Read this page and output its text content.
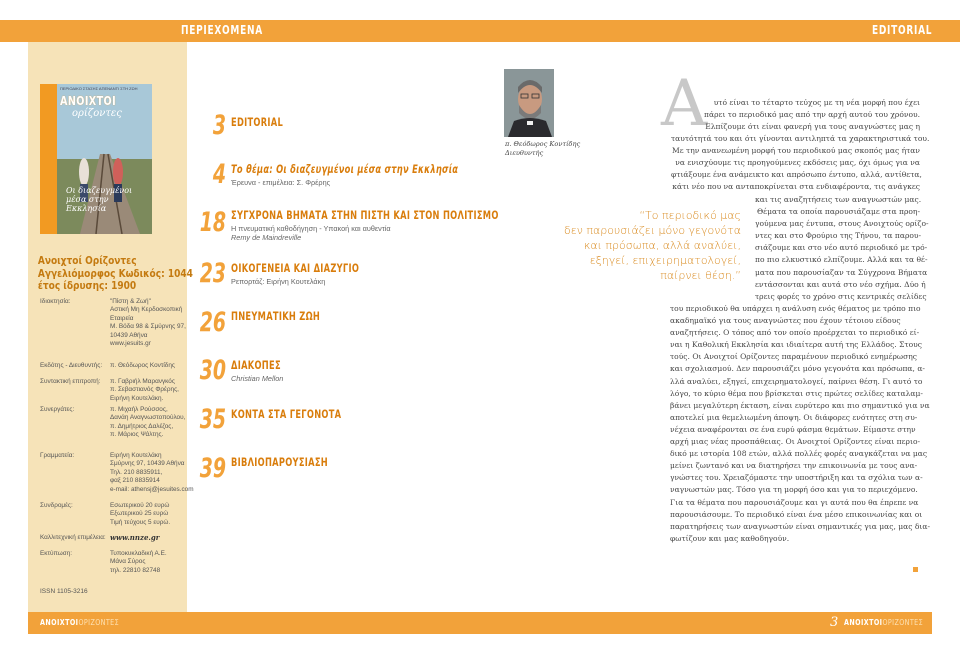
ΠΕΡΙΕΧΟΜΕΝΑ	EDITORIAL
ΠΕΡΙΟΔΙΚΟ ΣΤΑΣΗΣ ΑΠΕΝΑΝΤΙ ΣΤΗ ΖΩΗ
ΑΝΟΙΧΤΟΙ
ορίζοντες
Οι διαζευγμένοι μέσα στην Εκκλησία
Ανοιχτοί Ορίζοντες
Αγγελιόμορφος Κωδικός: 1044
έτος ίδρυσης: 1900
Ιδιοκτησία:	"Πίστη & Ζωή"
Αστική Μη Κερδοσκοπική
Εταιρεία
Μ. Βόδα 98 & Σμύρνης 97,
10439 Αθήνα
www.jesuits.gr
Εκδότης - Διευθυντής: π. Θεόδωρος Κοντίδης
Συντακτική επιτροπή: π. Γαβριήλ Μαρανγκός
π. Σεβαστιανός Φρέρης,
Ειρήνη Κουτελάκη.
Συνεργάτες:	π. Μιχαήλ Ρούσσος,
Δανάη Αναγνωστοπούλου,
π. Δημήτριος Δαλέζος,
π. Μάριος Ψάλτης.
Γραμματεία:	Ειρήνη Κουτελάκη
Σμύρνης 97, 10439 Αθήνα
Τηλ. 210 8835911,
φαξ 210 8835914
e-mail: athensj@jesuites.com
Συνδρομές:	Εσωτερικού 20 ευρώ
Εξωτερικού 25 ευρώ
Τιμή τεύχους 5 ευρώ.
Καλλιτεχνική επιμέλεια: www.nnze.gr
Εκτύπωση:	Τυποκυκλαδική Α.Ε.
Μάνα Σύρος
τηλ. 22810 82748
ISSN 1105-3216
3 EDITORIAL
4 Το θέμα: Οι διαζευγμένοι μέσα στην Εκκλησία
Έρευνα - επιμέλεια: Σ. Φρέρης
18 ΣΥΓΧΡΟΝΑ ΒΗΜΑΤΑ ΣΤΗΝ ΠΙΣΤΗ ΚΑΙ ΣΤΟΝ ΠΟΛΙΤΙΣΜΟ
Η πνευματική καθοδήγηση - Υπακοή και αυθεντία
Remy de Maindreville
23 ΟΙΚΟΓΕΝΕΙΑ ΚΑΙ ΔΙΑΖΥΓΙΟ
Ρεπορτάζ: Ειρήνη Κουτελάκη
26 ΠΝΕΥΜΑΤΙΚΗ ΖΩΗ
30 ΔΙΑΚΟΠΕΣ
Christian Mellon
35 ΚΟΝΤΑ ΣΤΑ ΓΕΓΟΝΟΤΑ
39 ΒΙΒΛΙΟΠΑΡΟΥΣΙΑΣΗ
π. Θεόδωρος Κοντίδης
Διευθυντής
“Το περιοδικό μας
δεν παρουσιάζει μόνο γεγονότα
και πρόσωπα, αλλά αναλύει,
εξηγεί, επιχειρηματολογεί,
παίρνει θέση.”
Α υτό είναι το τέταρτο τεύχος με τη νέα μορφή που έχει
πάρει το περιοδικό μας από την αρχή αυτού του χρόνου.
Ελπίζουμε ότι είναι φανερή για τους αναγνώστες μας η
ταυτότητά του και ότι γίνονται αντιληπτά τα χαρακτηριστικά του.
Με την ανανεωμένη μορφή του περιοδικού μας σκοπός μας ήταν
να ενισχύουμε τις προηγούμενες εκδόσεις μας, όχι όμως για να
φτιάξουμε ένα ανάμεικτο και απρόσωπο έντυπο, αλλά, αντίθετα,
κάτι νέο που να ανταποκρίνεται στα ενδιαφέροντα, τις ανάγκες
και τις αναζητήσεις των αναγνωστών μας.
Θέματα τα οποία παρουσιάζαμε στα προη-
γούμενα μας έντυπα, στους Ανοιχτούς ορίζο-
ντες και στο Φρούριο της Τήνου, τα παρου-
σιάζουμε και στο νέο αυτό περιοδικό με τρό-
πο πιο ελκυστικό ελπίζουμε. Αλλά και τα θέ-
ματα που παρουσίαζαν τα Σύγχρονα Βήματα
εντάσσονται και αυτά στο νέο σχήμα. Δύο ή
τρεις φορές το χρόνο στις κεντρικές σελίδες
του περιοδικού θα υπάρχει η ανάλυση ενός θέματος με τρόπο πιο
ακαδημαϊκό για τους αναγνώστες που έχουν τέτοιου είδους
αναζητήσεις. Ο τόπος από τον οποίο προέρχεται το περιοδικό εί-
ναι η Καθολική Εκκλησία και ιδιαίτερα αυτή της Ελλάδος. Στους
τούς. Οι Ανοιχτοί Ορίζοντες παραμένουν περιοδικό ενημέρωσης
και σχολιασμού. Δεν παρουσιάζει μόνο γεγονότα και πρόσωπα, α-
λλά αναλύει, εξηγεί, επιχειρηματολογεί, παίρνει θέση. Γι αυτό το
λόγο, το κύριο θέμα που βρίσκεται στις πρώτες σελίδες καταλαμ-
βάνει μεγαλύτερη έκταση, είναι ευρύτερο και πιο σημαντικό για να
αποτελεί μια θεμελιωμένη άποψη. Οι διάφορες ενότητες στη συ-
νέχεια αναφέρονται σε ένα ευρύ φάσμα θεμάτων. Είμαστε στην
αρχή μιας νέας προσπάθειας. Οι Ανοιχτοί Ορίζοντες είναι περιο-
δικό με ιστορία 108 ετών, αλλά πολλές φορές αναγκάζεται να μας
μείνει ζωντανό και να διατηρήσει την επικοινωνία με τους ανα-
γνώστες του. Χρειαζόμαστε την υποστήριξη και τα σχόλια των α-
ναγνωστών μας. Τόσο για τη μορφή όσο και για το περιεχόμενο.
Για τα θέματα που παρουσιάζουμε και γι αυτά που θα έπρεπε να
παρουσιάσουμε. Το περιοδικό είναι ένα μέσο επικοινωνίας και οι
παρατηρήσεις των αναγνωστών είναι σημαντικές για μας, μας δια-
φωτίζουν και μας καθοδηγούν.
ΑΝΟΙΧΤΟΙΟΡΙΖΟΝΤΕΣ	3 ΑΝΟΙΧΤΟΙΟΡΙΖΟΝΤΕΣ
